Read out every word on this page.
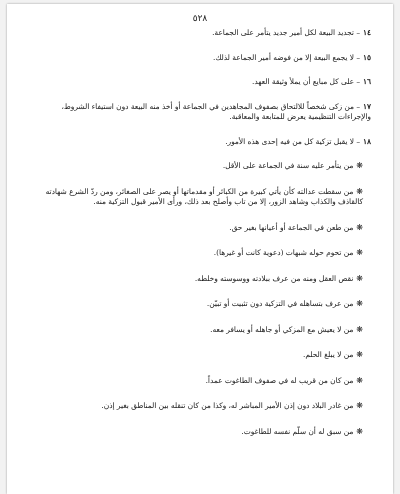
٥٢٨
١٤– تجديد البيعة لكل أمير جديد يتأمر على الجماعة.
١٥– لا يجمع البيعة إلا من فوضه أمير الجماعة لذلك.
١٦– على كل مبايع أن يملأ وثيقة العهد.
١٧– من زكى شخصاً للالتحاق بصفوف المجاهدين في الجماعة أو أخذ منه البيعة دون استيفاء الشروط، والإجراءات التنظيمية يعرض للمتابعة والمعاقبة.
١٨– لا يقبل تزكية كل من فيه إحدى هذه الأمور.
❋من يتأمر عليه سنة في الجماعة على الأقل.
❋من سقطت عدالته كأن يأتي كبيرة من الكبائر أو مقدماتها أو يصر على الصغائر، ومن ردّ الشرع شهادته كالقاذف والكذاب وشاهد الزور، إلا من تاب وأصلح بعد ذلك، ورأى الأمير قبول التزكية منه.
❋من طعن في الجماعة أو أعيانها بغير حق.
❋من تحوم حوله شبهات (دعوية كانت أو غيرها).
❋نقص العقل ومنه من عرف ببلادته ووسوسته وخلطه.
❋من عرف بتساهله في التزكية دون تثبيت أو تبيّن.
❋من لا يعيش مع المزكي أو جاهله أو يسافر معه.
❋من لا يبلغ الحلم.
❋من كان من قريب له في صفوف الطاغوت عمداً.
❋من غادر البلاد دون إذن الأمير المباشر له، وكذا من كان تنقله بين المناطق بغير إذن.
❋من سبق له أن سلّم نفسه للطاغوت.
